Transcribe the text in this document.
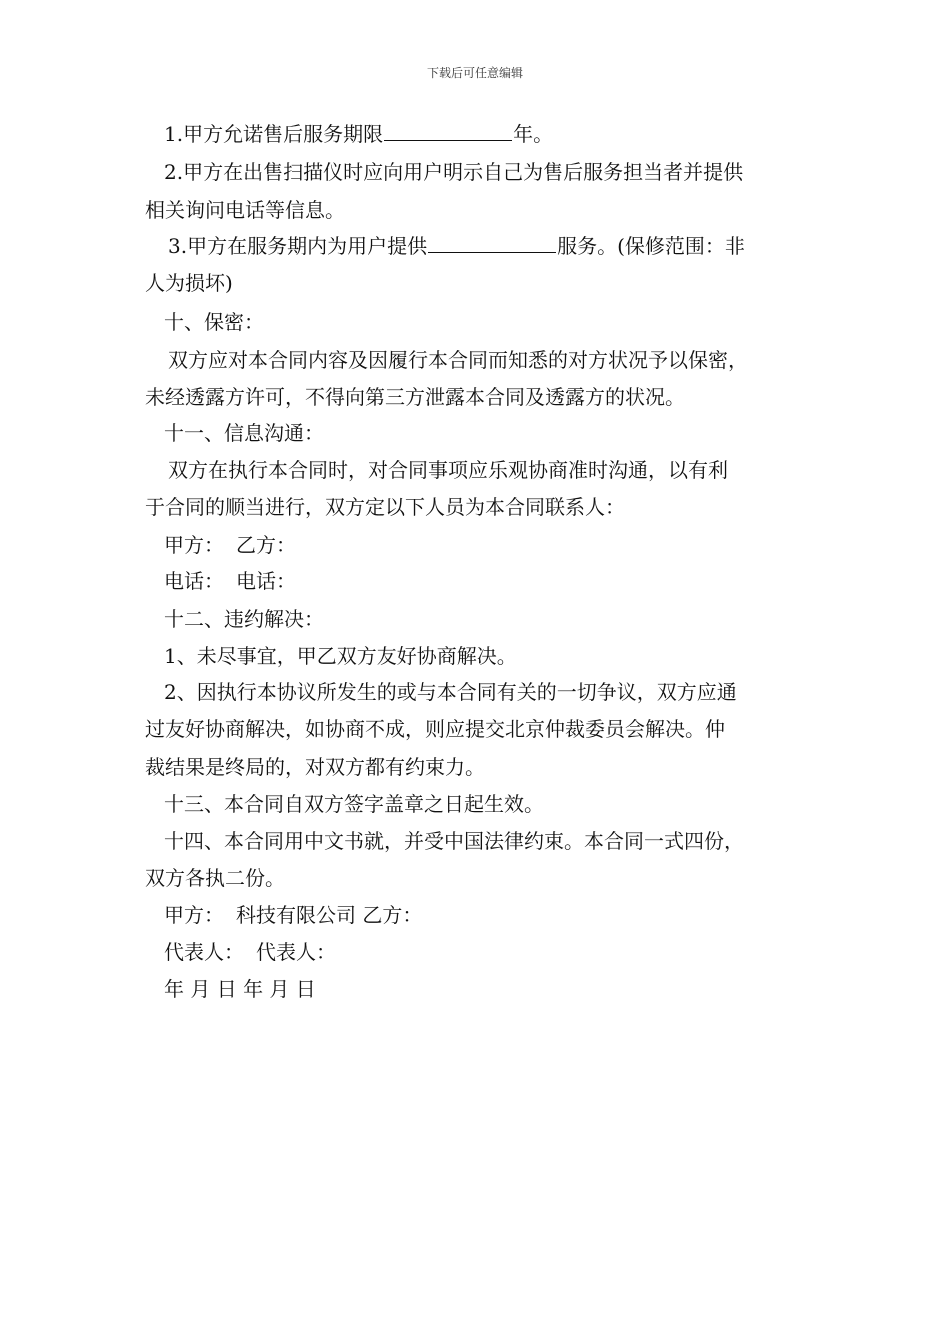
下载后可任意编辑
1.甲方允诺售后服务期限	年。
2.甲方在出售扫描仪时应向用户明示自己为售后服务担当者并提供
相关询问电话等信息。
3.甲方在服务期内为用户提供	服务。(保修范围：非
人为损坏)
十、保密：
双方应对本合同内容及因履行本合同而知悉的对方状况予以保密，
未经透露方许可，不得向第三方泄露本合同及透露方的状况。
十一、信息沟通：
双方在执行本合同时，对合同事项应乐观协商准时沟通，以有利
于合同的顺当进行，双方定以下人员为本合同联系人：
甲方： 乙方：
电话： 电话：
十二、违约解决：
1、未尽事宜，甲乙双方友好协商解决。
2、因执行本协议所发生的或与本合同有关的一切争议，双方应通
过友好协商解决，如协商不成，则应提交北京仲裁委员会解决。仲
裁结果是终局的，对双方都有约束力。
十三、本合同自双方签字盖章之日起生效。
十四、本合同用中文书就，并受中国法律约束。本合同一式四份，
双方各执二份。
甲方： 科技有限公司 乙方：
代表人： 代表人：
年 月 日 年 月 日
